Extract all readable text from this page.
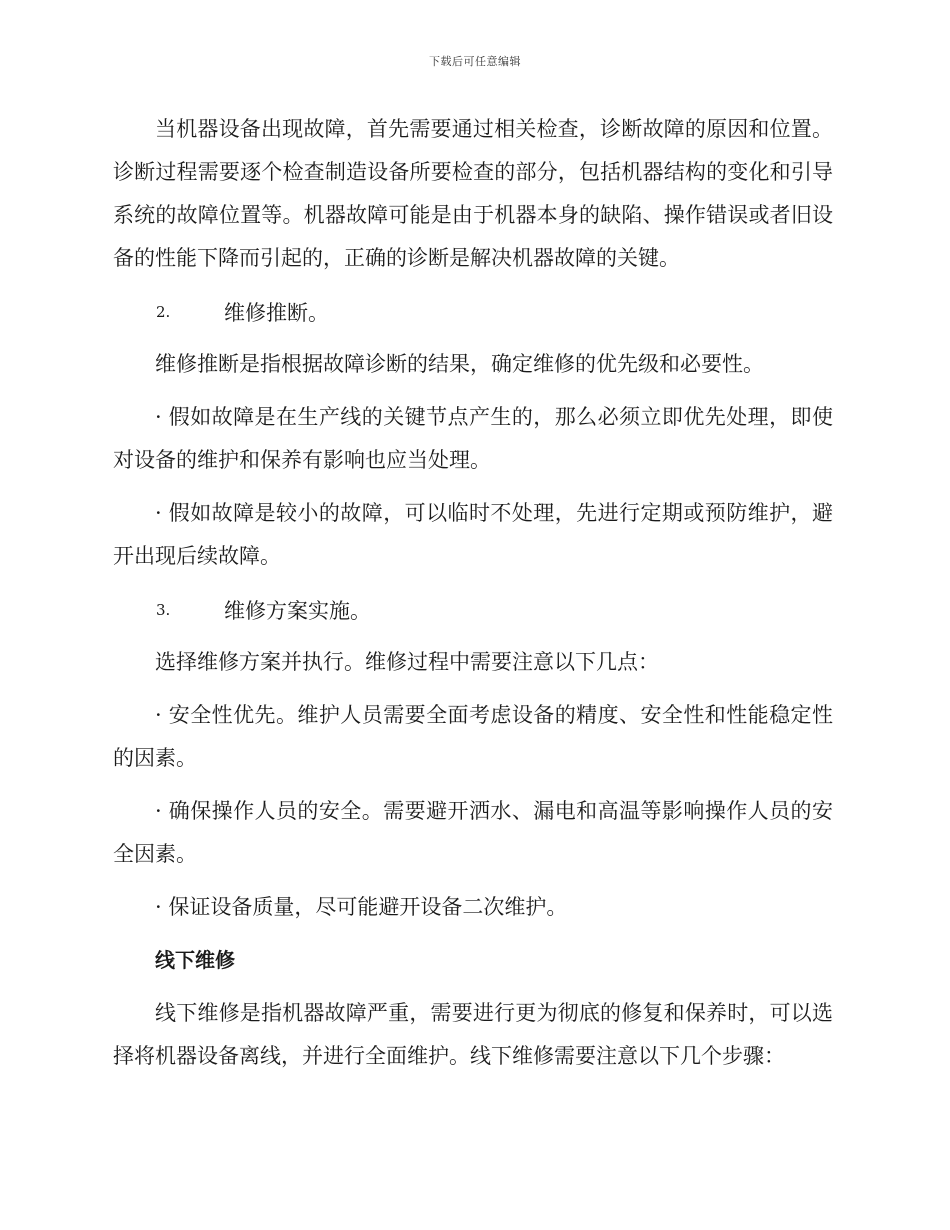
下载后可任意编辑

当机器设备出现故障，首先需要通过相关检查，诊断故障的原因和位置。诊断过程需要逐个检查制造设备所要检查的部分，包括机器结构的变化和引导系统的故障位置等。机器故障可能是由于机器本身的缺陷、操作错误或者旧设备的性能下降而引起的，正确的诊断是解决机器故障的关键。

2.	维修推断。

维修推断是指根据故障诊断的结果，确定维修的优先级和必要性。

· 假如故障是在生产线的关键节点产生的，那么必须立即优先处理，即使对设备的维护和保养有影响也应当处理。

· 假如故障是较小的故障，可以临时不处理，先进行定期或预防维护，避开出现后续故障。

3.	维修方案实施。

选择维修方案并执行。维修过程中需要注意以下几点：

· 安全性优先。维护人员需要全面考虑设备的精度、安全性和性能稳定性的因素。

· 确保操作人员的安全。需要避开洒水、漏电和高温等影响操作人员的安全因素。

· 保证设备质量，尽可能避开设备二次维护。

线下维修

线下维修是指机器故障严重，需要进行更为彻底的修复和保养时，可以选择将机器设备离线，并进行全面维护。线下维修需要注意以下几个步骤：
